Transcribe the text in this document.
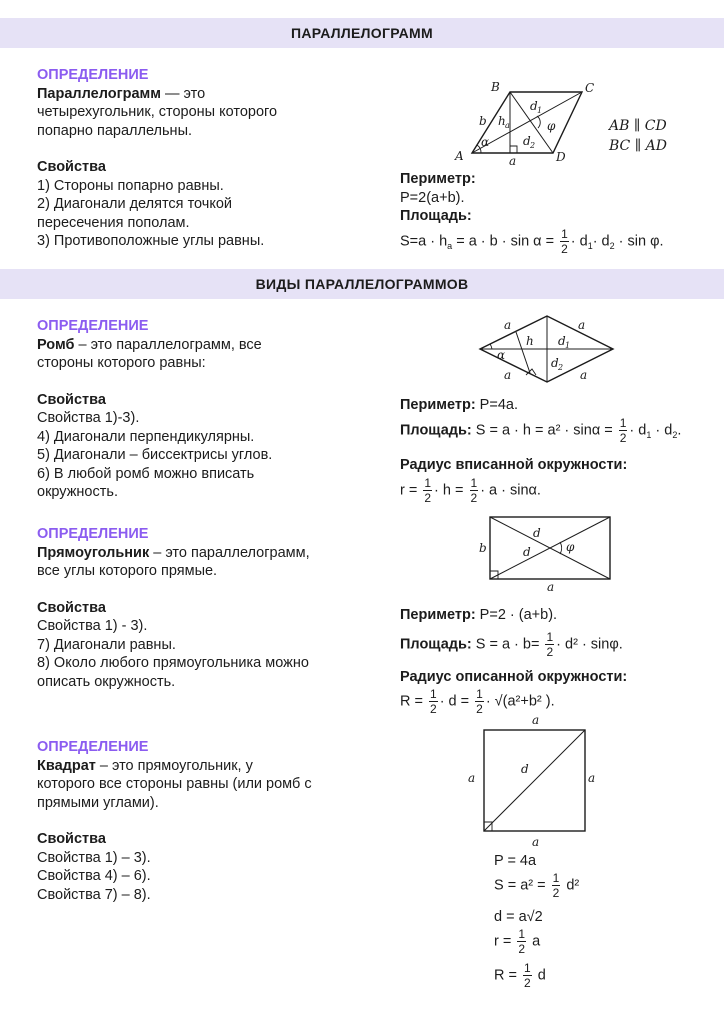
ПАРАЛЛЕЛОГРАММ
ОПРЕДЕЛЕНИЕ
Параллелограмм — это
четырехугольник, стороны которого
попарно параллельны.
Свойства
1) Стороны попарно равны.
2) Диагонали делятся точкой
пересечения пополам.
3) Противоположные углы равны.
B	C
A	D
b
a
α
φ
h a
d 1
d 2
AB ∥ CD
BC ∥ AD
Периметр:
P=2(a+b).
Площадь:
$S=a \cdot h_a = a \cdot b \cdot \sin \alpha = \frac{1}{2} \cdot d_1\cdot d_2 \cdot \sin \varphi$.
ВИДЫ ПАРАЛЛЕЛОГРАММОВ
ОПРЕДЕЛЕНИЕ
Ромб – это параллелограмм, все
стороны которого равны:
Свойства
Свойства 1)-3).
4) Диагонали перпендикулярны.
5) Диагонали – биссектрисы углов.
6) В любой ромб можно вписать
окружность.
a	a
a	a
h
α
d 1
d 2
Периметр: P=4a.
Площадь: $S = a \cdot h = a^2 \cdot \sin\alpha = \frac{1}{2} \cdot d_1 \cdot d_2$.
Радиус вписанной окружности:
$r = \frac{1}{2} \cdot h = \frac{1}{2} \cdot a \cdot \sin\alpha$.
ОПРЕДЕЛЕНИЕ
Прямоугольник – это параллелограмм,
все углы которого прямые.
Свойства
Свойства 1) - 3).
7) Диагонали равны.
8) Около любого прямоугольника можно
описать окружность.
b
a
d
d	φ
Периметр: P=2 · (a+b).
Площадь: $S = a \cdot b= \frac{1}{2} \cdot d^2 \cdot \sin\varphi$.
Радиус описанной окружности:
$R = \frac{1}{2} \cdot d = \frac{1}{2} \cdot √(a^2+b^2$ ).
ОПРЕДЕЛЕНИЕ
Квадрат – это прямоугольник, у
которого все стороны равны (или ромб с
прямыми углами).
Свойства
Свойства 1) – 3).
Свойства 4) – 6).
Свойства 7) – 8).
a
a	a
a
d
P = 4a
$S = a^2 = \frac{1}{2} d^2$
d = a√2
$r = \frac{1}{2}$ a
$R = \frac{1}{2}$ d
